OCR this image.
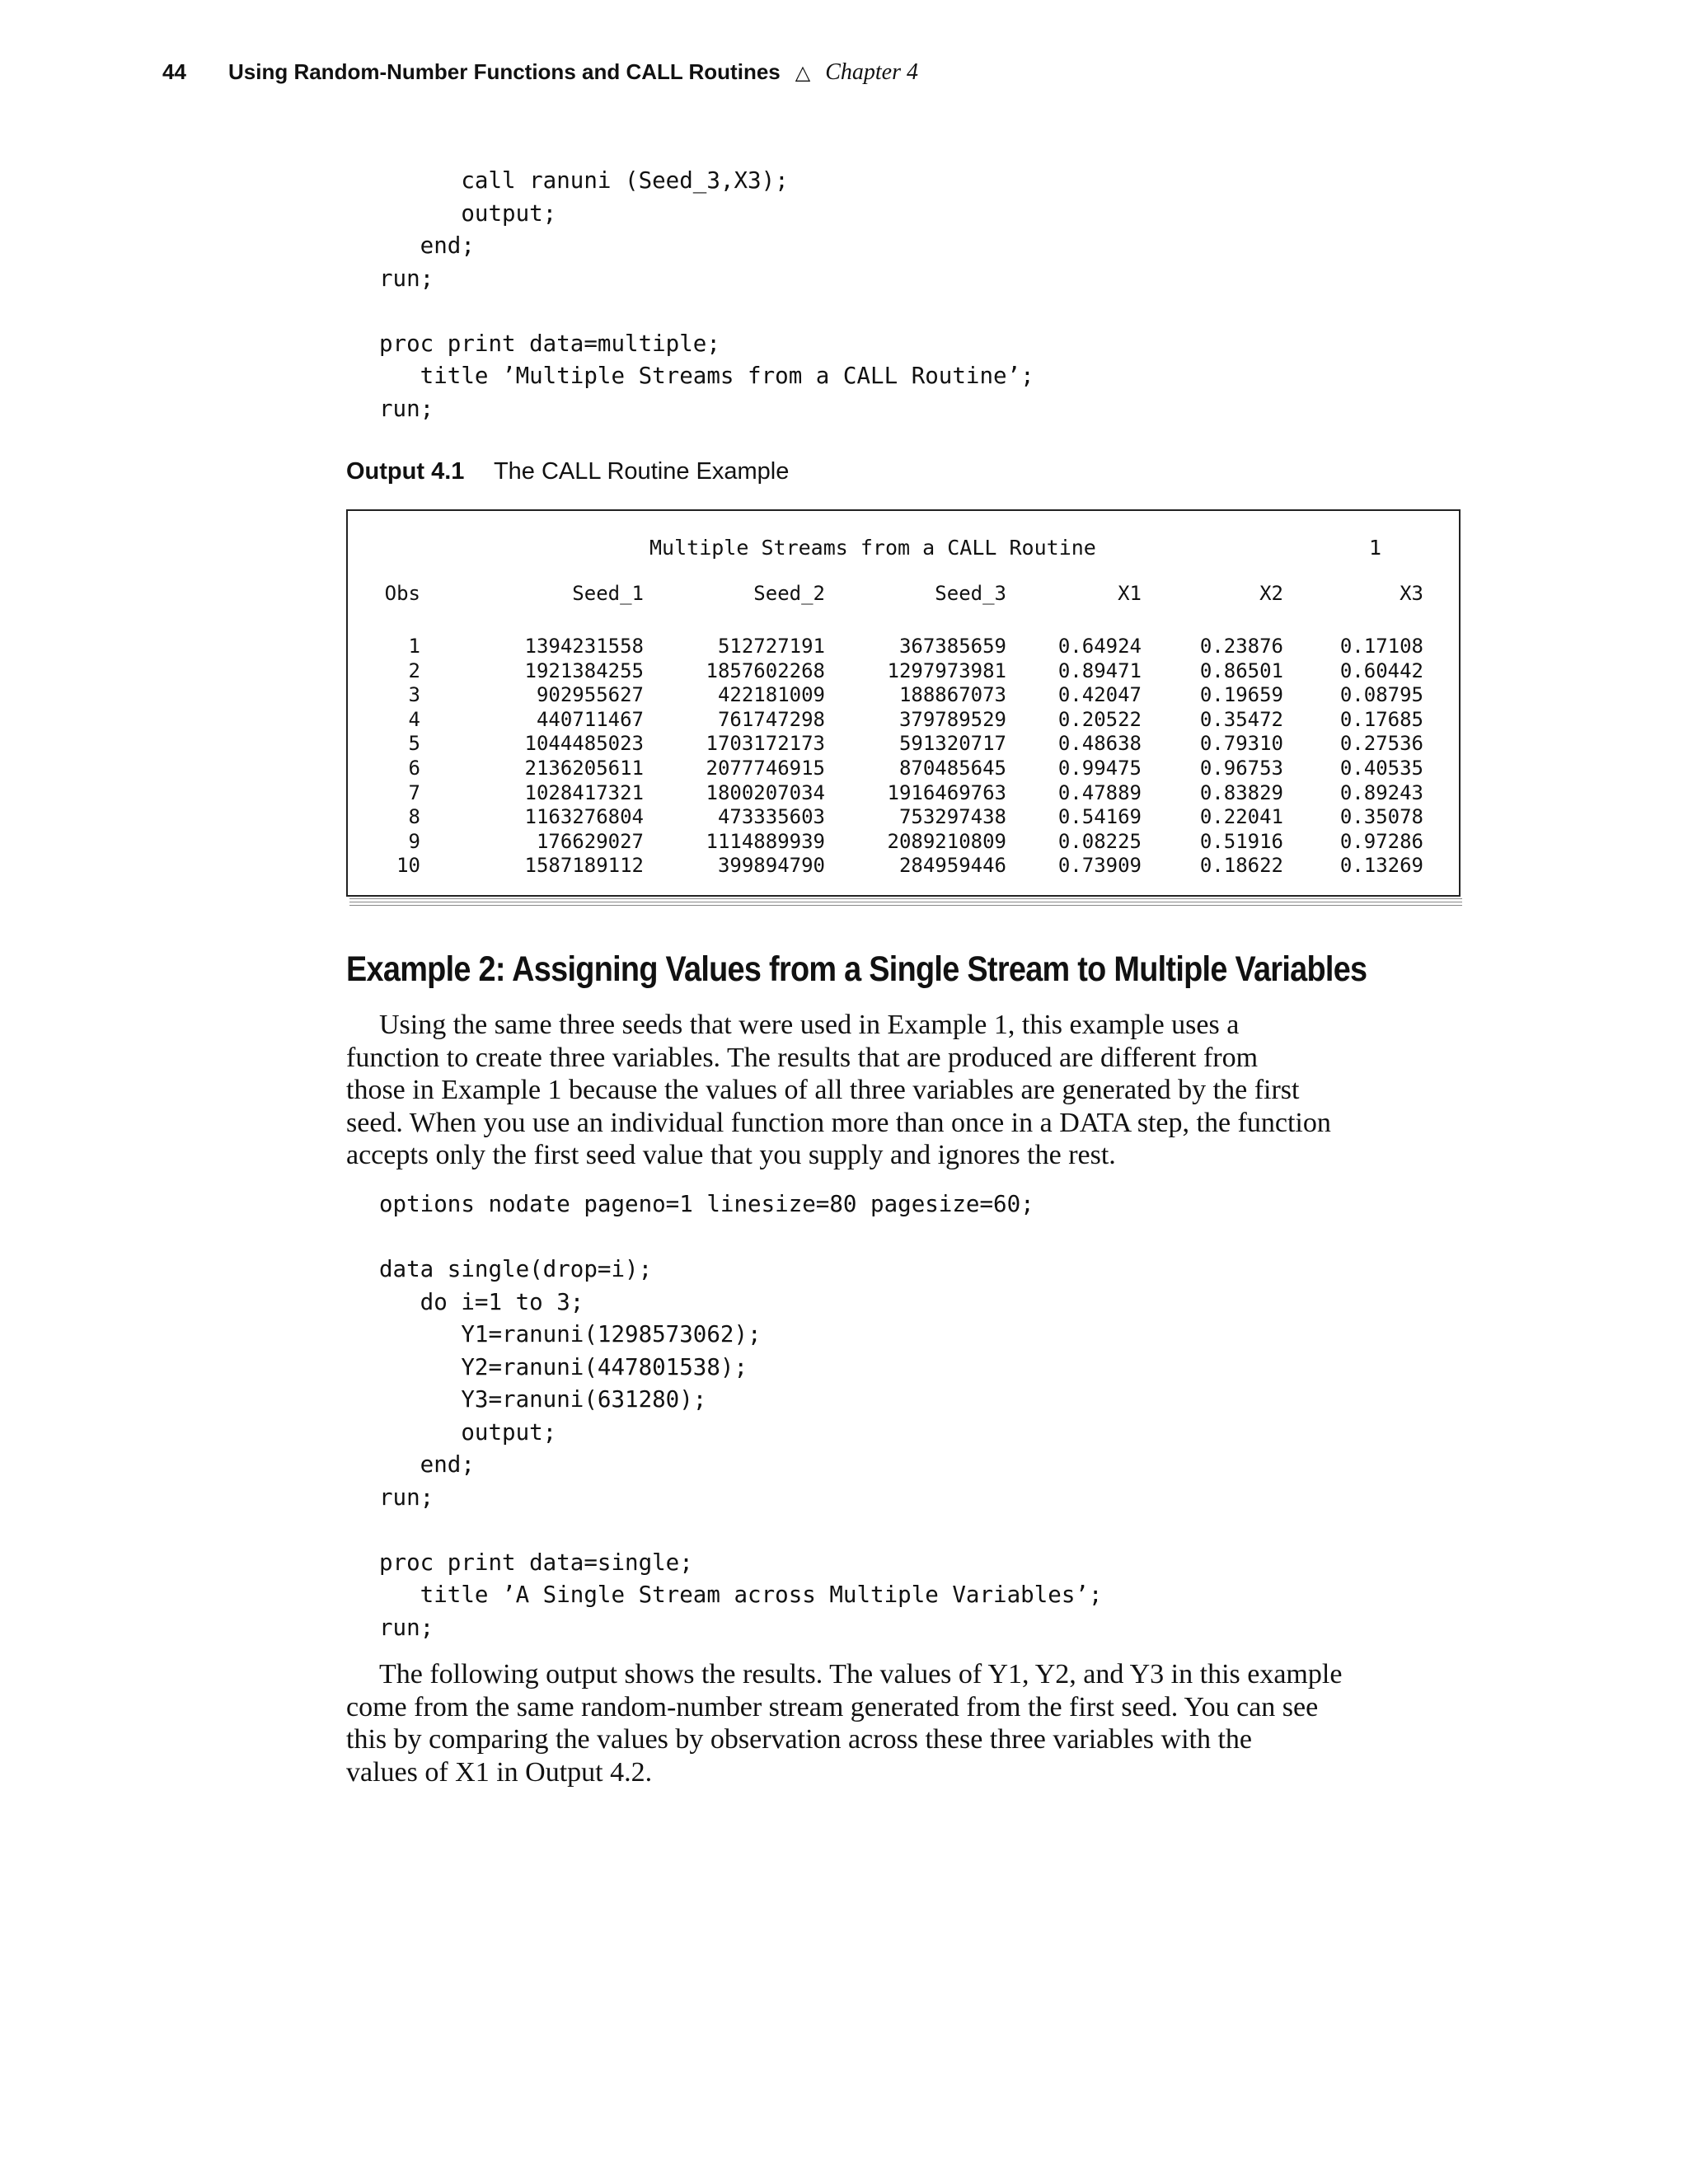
44	Using Random-Number Functions and CALL Routines △ Chapter 4
call ranuni (Seed_3,X3);
output;
end;
run;

proc print data=multiple;
title ’Multiple Streams from a CALL Routine’;
run;
Output 4.1 The CALL Routine Example
Multiple Streams from a CALL Routine	1
Obs	Seed_1	Seed_2	Seed_3	X1	X2	X3
1	1394231558	512727191	367385659	0.64924	0.23876	0.17108
2	1921384255	1857602268	1297973981	0.89471	0.86501	0.60442
3	902955627	422181009	188867073	0.42047	0.19659	0.08795
4	440711467	761747298	379789529	0.20522	0.35472	0.17685
5	1044485023	1703172173	591320717	0.48638	0.79310	0.27536
6	2136205611	2077746915	870485645	0.99475	0.96753	0.40535
7	1028417321	1800207034	1916469763	0.47889	0.83829	0.89243
8	1163276804	473335603	753297438	0.54169	0.22041	0.35078
9	176629027	1114889939	2089210809	0.08225	0.51916	0.97286
10	1587189112	399894790	284959446	0.73909	0.18622	0.13269
Example 2: Assigning Values from a Single Stream to Multiple Variables

Using the same three seeds that were used in Example 1, this example uses a
function to create three variables. The results that are produced are different from
those in Example 1 because the values of all three variables are generated by the first
seed. When you use an individual function more than once in a DATA step, the function
accepts only the first seed value that you supply and ignores the rest.

options nodate pageno=1 linesize=80 pagesize=60;

data single(drop=i);
do i=1 to 3;
Y1=ranuni(1298573062);
Y2=ranuni(447801538);
Y3=ranuni(631280);
output;
end;
run;

proc print data=single;
title ’A Single Stream across Multiple Variables’;
run;

The following output shows the results. The values of Y1, Y2, and Y3 in this example
come from the same random-number stream generated from the first seed. You can see
this by comparing the values by observation across these three variables with the
values of X1 in Output 4.2.
